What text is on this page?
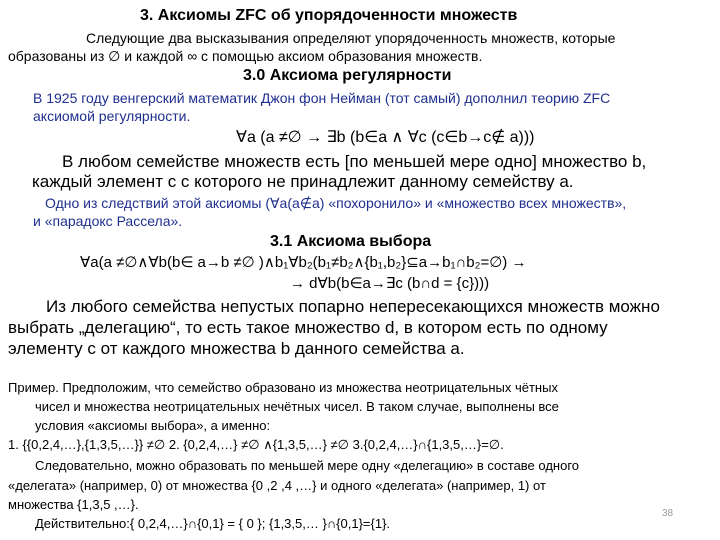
3. Аксиомы ZFC об упорядоченности множеств
Следующие два высказывания определяют упорядоченность множеств, которые
образованы из ∅ и каждой ∞ с помощью аксиом образования множеств.
3.0 Аксиома регулярности
В 1925 году венгерский математик Джон фон Нейман (тот самый) дополнил теорию ZFC
аксиомой регулярности.
∀a (a ≠∅ → ∃b (b∈a ∧ ∀c (c∈b→c∉ a)))
В любом семействе множеств есть [по меньшей мере одно] множество b,
каждый элемент с с которого не принадлежит данному семейству a.
Одно из следствий этой аксиомы (∀a(a∉a) «похоронило» и «множество всех множеств»,
и «парадокс Рассела».
3.1 Аксиома выбора
∀a(a ≠∅∧∀b(b∈ a→b ≠∅ )∧b₁∀b₂(b₁≠b₂∧{b₁,b₂}⊆a→b₁∩b₂=∅) →
→ d∀b(b∈a→∃c (b∩d = {c})))
Из любого семейства непустых попарно непересекающихся множеств можно
выбрать „делегацию“, то есть такое множество d, в котором есть по одному
элементу с от каждого множества b данного семейства a.
Пример. Предположим, что семейство образовано из множества неотрицательных чётных
чисел и множества неотрицательных нечётных чисел. В таком случае, выполнены все
условия «аксиомы выбора», а именно:
1. {{0,2,4,…},{1,3,5,…}} ≠∅ 2. {0,2,4,…} ≠∅ ∧{1,3,5,…} ≠∅ 3.{0,2,4,…}∩{1,3,5,…}=∅.
Следовательно, можно образовать по меньшей мере одну «делегацию» в составе одного
«делегата» (например, 0) от множества {0 ,2 ,4 ,…} и одного «делегата» (например, 1) от
множества {1,3,5 ,…}.
Действительно:{ 0,2,4,…}∩{0,1} = { 0 }; {1,3,5,… }∩{0,1}={1}.
38
